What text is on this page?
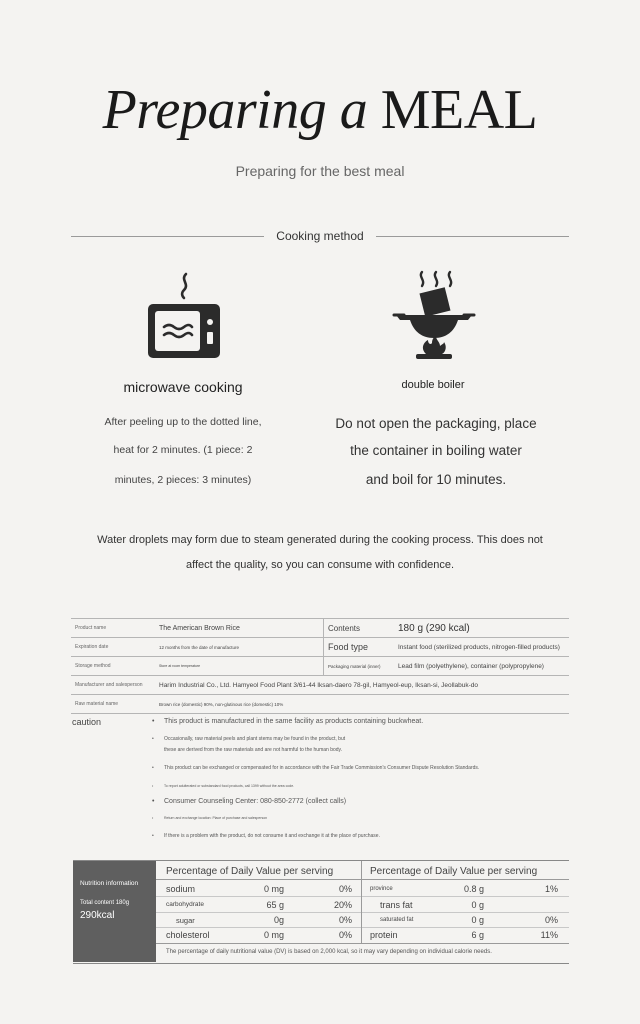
Preparing a MEAL
Preparing for the best meal
Cooking method
microwave cooking	double boiler
After peeling up to the dotted line,
heat for 2 minutes. (1 piece: 2
minutes, 2 pieces: 3 minutes)
Do not open the packaging, place
the container in boiling water
and boil for 10 minutes.
Water droplets may form due to steam generated during the cooking process. This does not
affect the quality, so you can consume with confidence.
Product name	The American Brown Rice	Contents	180 g (290 kcal)
Expiration date	12 months from the date of manufacture	Food type	Instant food (sterilized products, nitrogen-filled products)
Storage method	Store at room temperature	Packaging material (inner)	Lead film (polyethylene), container (polypropylene)
Manufacturer and salesperson	Harim Industrial Co., Ltd. Hamyeol Food Plant 3/61-44 Iksan-daero 78-gil, Hamyeol-eup, Iksan-si, Jeollabuk-do		
Raw material name	Brown rice (domestic) 90%, non-glutinous rice (domestic) 10%		
caution	• This product is manufactured in the same facility as products containing buckwheat.
• Occasionally, raw material peels and plant stems may be found in the product, but
these are derived from the raw materials and are not harmful to the human body.
• This product can be exchanged or compensated for in accordance with the Fair Trade Commission's Consumer Dispute Resolution Standards.
• To report adulterated or substandard food products, call 1399 without the area code.
• Consumer Counseling Center: 080-850-2772 (collect calls)
• Return and exchange location: Place of purchase and salesperson
• If there is a problem with the product, do not consume it and exchange it at the place of purchase.
Nutrition information
Total content 180g
290kcal
Percentage of Daily Value per serving	Percentage of Daily Value per serving
sodium	0 mg	0%
carbohydrate	65 g	20%
sugar	0g	0%
cholesterol	0 mg	0%
province	0.8 g	1%
trans fat	0 g
saturated fat	0 g	0%
protein	6 g	11%
The percentage of daily nutritional value (DV) is based on 2,000 kcal, so it may vary depending on individual calorie needs.
